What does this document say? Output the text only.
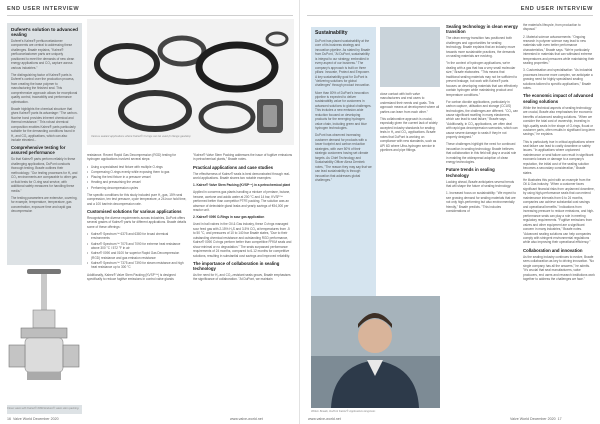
END USER INTERVIEW
Duferet's solution to advanced sealing

Duferet's Kalrez® perfluoroelastomer components are central to addressing these challenges. Braafe explains, "Kalrez® perfluoroelastomer parts are uniquely positioned to meet the demands of new clean energy applications and CO₂ capture across various industries."

The distinguishing factor of Kalrez® parts is Duferet's control over the production process, from creating the base polymer to manufacturing the finished seal. This comprehensive approach allows for exceptional quality control, traceability and performance optimisation.

Braafe highlights the chemical structure that gives Kalrez® parts its advantage: "The carbon-fluorine bond provides inherent chemical and thermal resistance." This robust chemical composition enables Kalrez® parts particularly suitable for the demanding conditions found in H₂ and CO₂ applications, which can also include elevated...

Comprehensive testing for assured performance

So that Kalrez® parts perform reliably in these challenging applications, DuPont conducts thorough testing. Braafe outlines their methodology: "Our testing processes for H₂ and CO₂ environments are comparable to other gas or fluid tests for O-ring seal service, with additional safety measures for handling these media."

The testing parameters are extensive, covering, for example, temperature, temperature, gas concentration, exposure time and rapid gas decompression

Various sealant applications where Kalrez® O-rings can be used (in flange gaskets).
Close valve with Kalrez® 0090 Endure® valve stem packing.

resistance. Recent Rapid Gas Decompression (RGD) testing for hydrogen applications involved several steps:

• Using a specialised test fixture with multiple O-rings
• Compressing O-rings evenly while exposing them to gas
• Placing the test fixture in a pressure vessel
• Heating and pressurising the vessel
• Performing decompression cycles

The specific conditions for this study included pure H₂ gas, 15% seal compression, ten test pressure, cycle temperature, a 24-hour hold time, and a 100 bar/min decompression rate.

Customised solutions for various applications

Recognising the diverse requirements across industries, DuPont offers several grades of Kalrez® parts for different applications. Braafe details some of these offerings:

• Kalrez® Spectrum™ 6375 and 6380 for broad chemical environments
• Kalrez® Spectrum™ 7075 and 7090 for extreme heat resistance above 300 °C / 572 °F in air
• Kalrez® 0090 and 0100 for superior Rapid Gas Decompression (RGD) resistance and gas emission resistance
• Kalrez® Spectrum™ 7375 and 7390 for steam resistance and high heat resistance up to 300 °C

Additionally, Kalrez® Valve Stem Packing (KVSP™) is designed specifically to reduce fugitive emissions in control valve glands

"Kalrez® Valve Stem Packing addresses the issue of fugitive emissions in petrochemical plants," Braafe notes.

Practical applications and case studies

The effectiveness of Kalrez® seals is best demonstrated through real-world applications. Braafe shares two notable examples:

1. Kalrez® Valve Stem Packing (KVSP™) in a petrochemical plant

Applied in concerns gas plants handling a mixture of pentane, butane, hexane, acetone and acidic water at 200 °C and 14 bar, KVSP™ performed better than competitor PTFE packing. The solution was an absence of detectable gland leaks and yearly savings of €94,000 per reactor unit.

2. Kalrez® 0090 O-Rings in sour gas application

Used in ball valves in the Oil & Gas industry, these O-rings managed sour feed gas with 2-15% H₂S and 3-5% CO₂ at temperatures from -5 to 50 °C, and pressures of 10 to 140 bar Braafe states, "Due to their outstanding chemical resistance and outstanding RGD performance, Kalrez® 0090 O-rings perform better than competitive FFKM seals and show minimal or no degradation." The seals surpassed performance requirements of 24 months, compared to 6-12 months for competitive solutions, resulting in substantial cost savings and improved reliability.

The importance of collaboration in sealing technology

As the need for H₂ and CO₂-resistant seals grows, Braafe emphasises the significance of collaboration. "At DuPont, we maintain

16 Valve World December 2020	www.valve-world.net
END USER INTERVIEW
Sustainability

DuPont has placed sustainability at the core of its business strategy and innovation pipeline. As stated by Braafe from DuPont, "At DuPont, sustainability is integral to our strategy, embedded in every aspect of our business." The company's approach is built on three pillars: Innovate, Protect and Empower. A key sustainability goal for DuPont is "delivering solutions for global challenges" through product innovation.

More than 80% of DuPont's innovation pipeline is expected to deliver sustainability value for customers in advanced solutions to global challenges. This includes a new emission-wide reduction focused on developing products for the emerging hydrogen value chain, including green and blue hydrogen technologies.

DuPont has observed increasing customer demand for products with a lower footprint and carbon reduction strategies, with over 50% of their strategic customers having set climate targets. As Chief Technology and Sustainability Officer Alexa Dembek notes, "The reason they may say that we can lead sustainability is through innovation that addresses global challenges."

Willem Braafe, DuPont Kalrez® Applications Engineer.

close contact with both valve manufacturers and end users to understand their needs and goals. This approach means at development where all parties can learn from each other."

This collaborative approach is crucial, especially given the current lack of widely accepted industry standards for sealing tests in H₂ and CO₂ applications. Braafe notes that DuPont is working on compliance with new standards, such as API 6D where Ultra-hydrogen service in pipelines and pipe fittings.

Sealing technology in clean energy transition

The clean energy transition has positioned both challenges and opportunities for sealing technology. Braafe explains that an industry move towards more sustainable practices, the demands on sealing materials are evolving.

"In the context of hydrogen applications, we're dealing with a gas that has a very small molecular size," Braafe elaborates. "This means that traditional sealing materials may not be sufficient to prevent leakage, but work with Kalrez® parts focuses on developing materials that can effectively contain hydrogen while maintaining product and temperature conditions."

For carbon dioxide applications, particularly in carbon capture, utilisation and storage (CCUS) technologies, the challenges are different. "CO₂ can cause significant swelling in many elastomers, which can lead to seal failure," Braafe says. "Additionally, in CO₂ applications, we often deal with rapid gas decompression scenarios, which can cause severe damage to seals if they're not properly designed."

These challenges highlight the need for continued innovation in sealing technology. Braafe believes that collaboration in this field will play a crucial role in enabling the widespread adoption of clean energy technologies.

Future trends in sealing technology

Looking ahead, Braafe anticipates several trends that will shape the future of sealing technology:

1. Increased focus on sustainability: "We expect to see growing demand for sealing materials that are not only high-performing but also environmentally friendly," Braafe predicts. "This includes considerations of

the material's lifecycle, from production to disposal."

2. Material science advancements: "Ongoing research in polymer science may lead to new materials with even better performance characteristics," Braafe says. "We're particularly interested in materials that can withstand extreme temperatures and pressures while maintaining their sealing properties."

3. Customisation and specialisation: "As industrial processes become more complex, we anticipate a growing need for highly specialised sealing solutions tailored to specific applications," Braafe notes.

The economic impact of advanced sealing solutions

While the technical aspects of sealing technology are crucial, Braafe also emphasises the economic benefits of advanced sealing solutions. "When we consider the total cost of ownership, investing in high-quality seals in the shape of O-rings, flouat or customer parts, often results in significant long-term savings," he explains.

This is particularly true in critical applications where seal failure can lead to costly downtime or safety issues. "In applications where unplanned maintenance or seal failure can result in significant economic losses or damage to a company's reputation, the initial cost of the sealing solution becomes a secondary consideration," Braafe states.

He illustrates this point with an example from the Oil & Gas industry. "When a customer faces significant financial risks from unplanned downtime, by using high-performance seals that can extend maintenance intervals from 6 to 24 months, companies can achieve substantial cost savings and operational benefits." Indications from increasing pressure to reduce emissions, and high-performance seals can play a role in meeting regulatory requirements. "Fugitive emissions from valves and other equipment are a significant concern in many industries," Braafe notes. "Advanced sealing solutions can help companies comply with stringent environmental regulations while also improving their operational efficiency."

Collaboration and innovation

As the sealing industry continues to evolve, Braafe sees collaboration as key to driving innovation. "No single company has all the answers," he admits. "It's crucial that seal manufacturers, valve producers, end users and research institutions work together to address the challenges we face."

www.valve-world.net	Valve World December 2020 17
